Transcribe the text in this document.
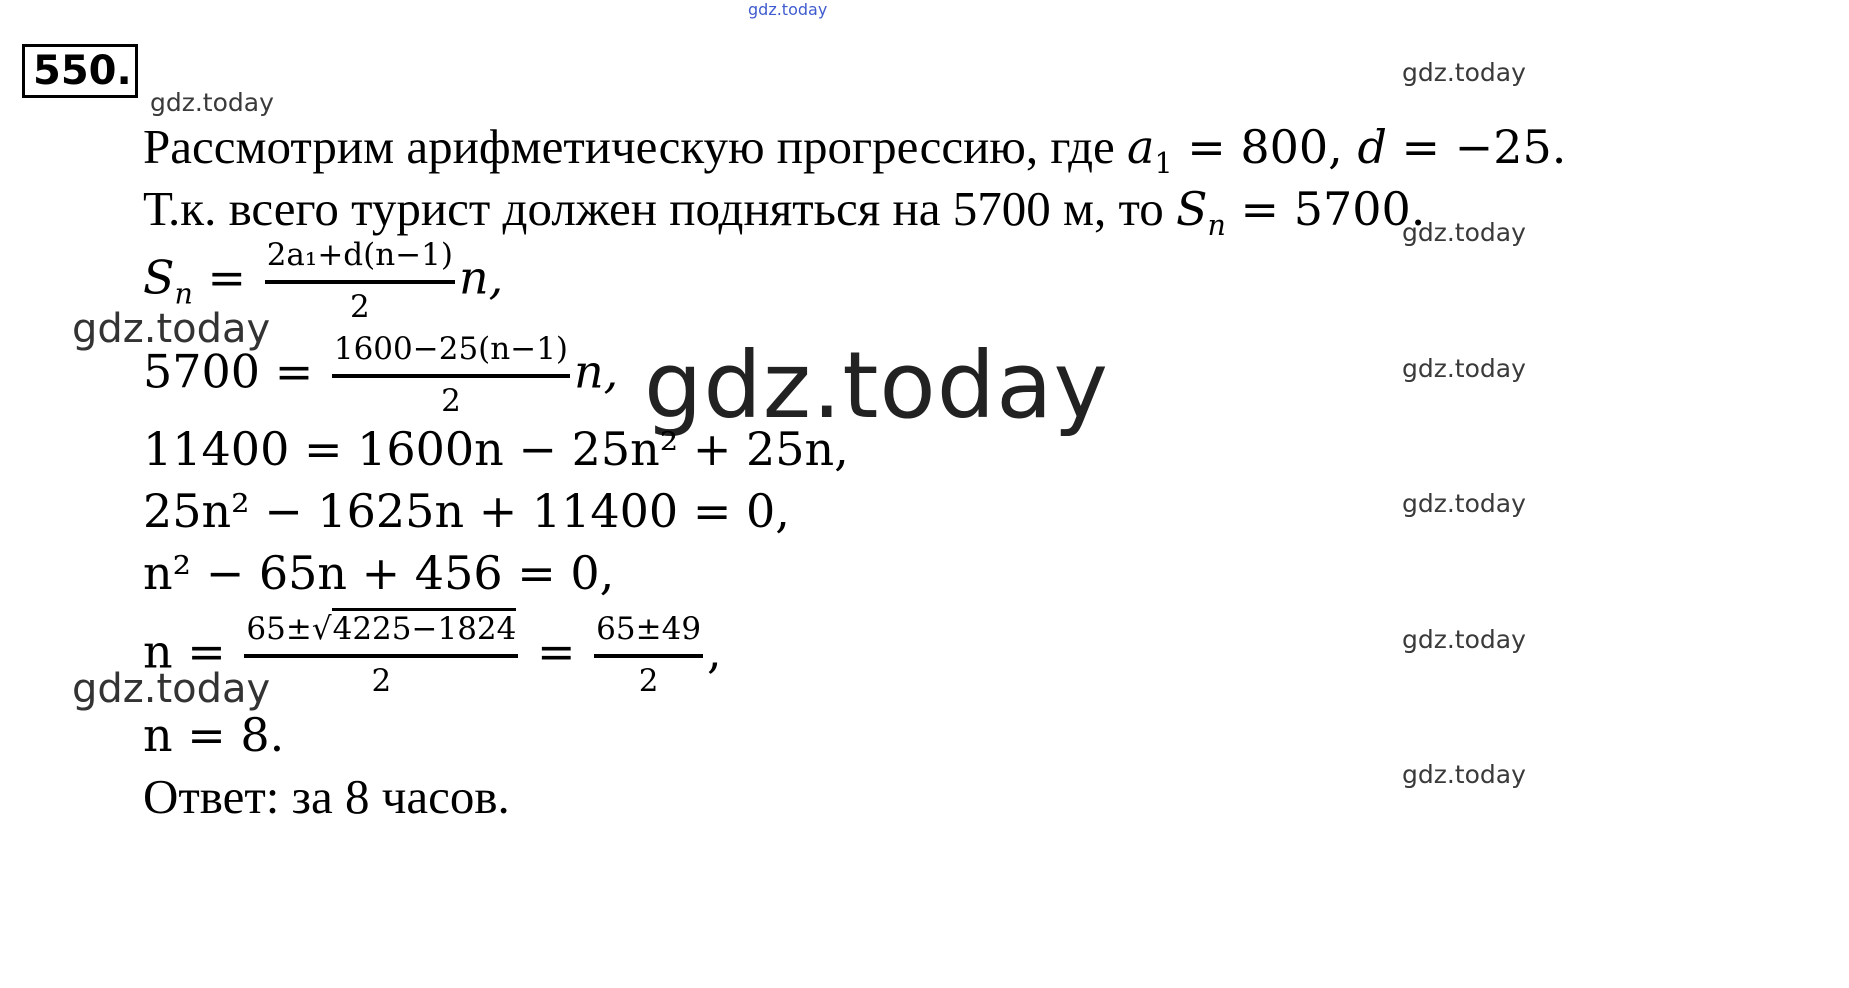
gdz.today
gdz.today
gdz.today
gdz.today
gdz.today
gdz.today
gdz.today
gdz.today
gdz.today
gdz.today
gdz.today
550.
Рассмотрим арифметическую прогрессию, где $a_1 = 800$, d = −25.
Т.к. всего турист должен подняться на 5700 м, то $S_n = 5700$.
$S_n = \frac{\text{2a₁+d(n−1)}}{2} n$,
$5700 = \frac{1600-25(n-1)}{2} n$,
11400 = 1600n − 25n² + 25n,
25n² − 1625n + 11400 = 0,
n² − 65n + 456 = 0,
$n = \frac{65\pm√4225-1824}{2} = \frac{65\pm 49}{2}$ ,
n = 8.
Ответ: за 8 часов.
